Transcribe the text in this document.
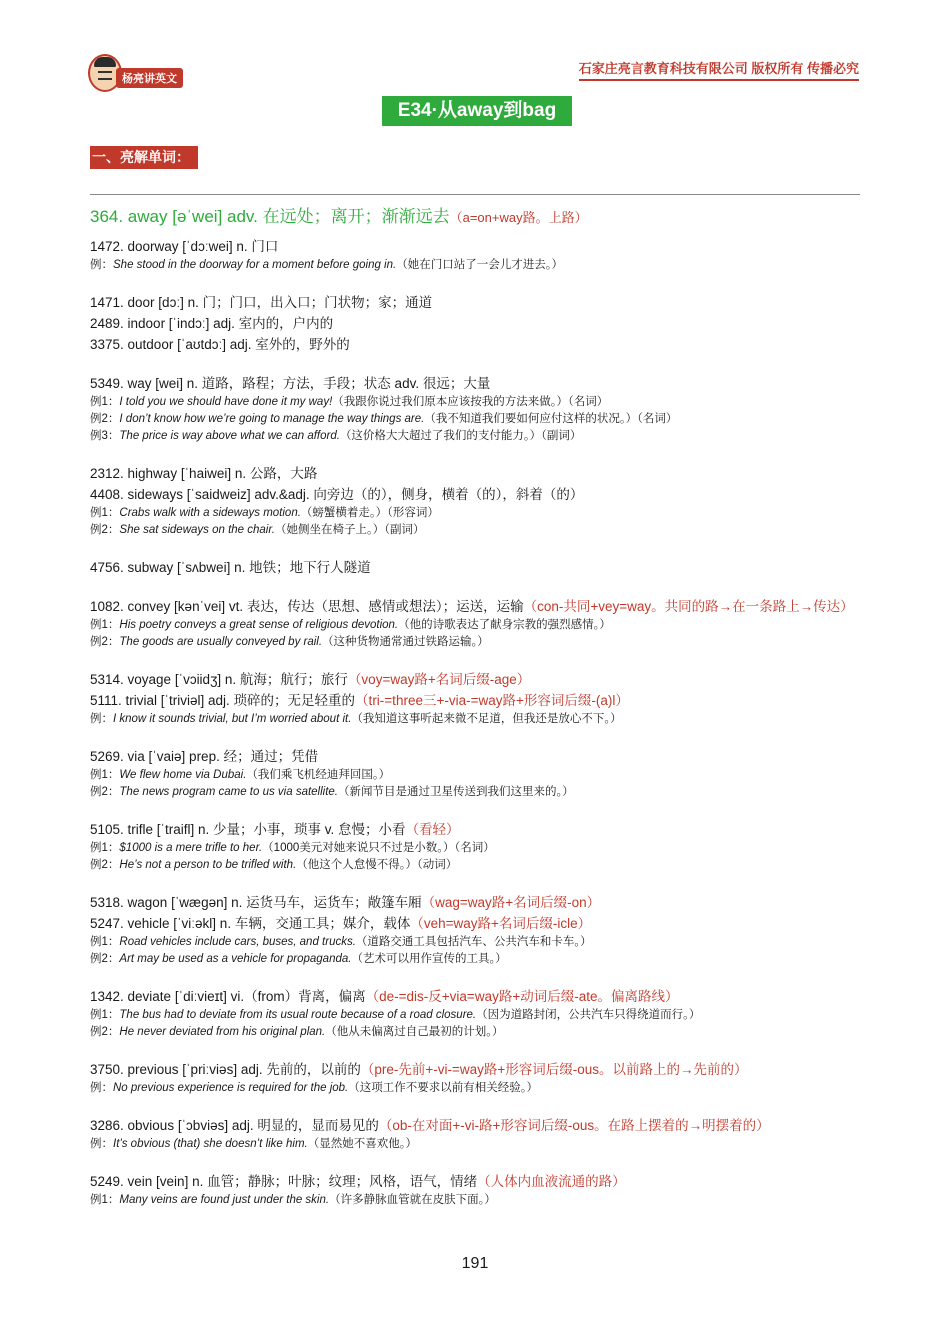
杨亮讲英文
石家庄亮言教育科技有限公司 版权所有 传播必究
E34·从away到bag
一、亮解单词：
364. away [əˈwei] adv. 在远处；离开；渐渐远去（a=on+way路。上路）
1472. doorway [ˈdɔːwei] n. 门口
例：She stood in the doorway for a moment before going in.（她在门口站了一会儿才进去。）
1471. door [dɔː] n. 门；门口，出入口；门状物；家；通道
2489. indoor [ˈindɔː] adj. 室内的，户内的
3375. outdoor [ˈaʊtdɔː] adj. 室外的，野外的
5349. way [wei] n. 道路，路程；方法，手段；状态 adv. 很远；大量
例1：I told you we should have done it my way!（我跟你说过我们原本应该按我的方法来做。）（名词）
例2：I don’t know how we’re going to manage the way things are.（我不知道我们要如何应付这样的状况。）（名词）
例3：The price is way above what we can afford.（这价格大大超过了我们的支付能力。）（副词）
2312. highway [ˈhaiwei] n. 公路，大路
4408. sideways [ˈsaidweiz] adv.&adj. 向旁边（的），侧身，横着（的），斜着（的）
例1：Crabs walk with a sideways motion.（螃蟹横着走。）（形容词）
例2：She sat sideways on the chair.（她侧坐在椅子上。）（副词）
4756. subway [ˈsʌbwei] n. 地铁；地下行人隧道
1082. convey [kənˈvei] vt. 表达，传达（思想、感情或想法）；运送，运输（con-共同+vey=way。共同的路→在一条路上→传达）
例1：His poetry conveys a great sense of religious devotion.（他的诗歌表达了献身宗教的强烈感情。）
例2：The goods are usually conveyed by rail.（这种货物通常通过铁路运输。）
5314. voyage [ˈvɔiidʒ] n. 航海；航行；旅行（voy=way路+名词后缀-age）
5111. trivial [ˈtriviəl] adj. 琐碎的；无足轻重的（tri-=three三+-via-=way路+形容词后缀-(a)l）
例：I know it sounds trivial, but I’m worried about it.（我知道这事听起来微不足道，但我还是放心不下。）
5269. via [ˈvaiə] prep. 经；通过；凭借
例1：We flew home via Dubai.（我们乘飞机经迪拜回国。）
例2：The news program came to us via satellite.（新闻节目是通过卫星传送到我们这里来的。）
5105. trifle [ˈtraifl] n. 少量；小事，琐事 v. 怠慢；小看（看轻）
例1：$1000 is a mere trifle to her.（1000美元对她来说只不过是小数。）（名词）
例2：He’s not a person to be trifled with.（他这个人怠慢不得。）（动词）
5318. wagon [ˈwæɡən] n. 运货马车，运货车；敞篷车厢（wag=way路+名词后缀-on）
5247. vehicle [ˈviːəkl] n. 车辆，交通工具；媒介，载体（veh=way路+名词后缀-icle）
例1：Road vehicles include cars, buses, and trucks.（道路交通工具包括汽车、公共汽车和卡车。）
例2：Art may be used as a vehicle for propaganda.（艺术可以用作宣传的工具。）
1342. deviate [ˈdiːvieɪt] vi.（from）背离，偏离（de-=dis-反+via=way路+动词后缀-ate。偏离路线）
例1：The bus had to deviate from its usual route because of a road closure.（因为道路封闭，公共汽车只得绕道而行。）
例2：He never deviated from his original plan.（他从未偏离过自己最初的计划。）
3750. previous [ˈpriːviəs] adj. 先前的，以前的（pre-先前+-vi-=way路+形容词后缀-ous。以前路上的→先前的）
例：No previous experience is required for the job.（这项工作不要求以前有相关经验。）
3286. obvious [ˈɔbviəs] adj. 明显的，显而易见的（ob-在对面+-vi-路+形容词后缀-ous。在路上摆着的→明摆着的）
例：It’s obvious (that) she doesn’t like him.（显然她不喜欢他。）
5249. vein [vein] n. 血管；静脉；叶脉；纹理；风格，语气，情绪（人体内血液流通的路）
例1：Many veins are found just under the skin.（许多静脉血管就在皮肤下面。）
191
